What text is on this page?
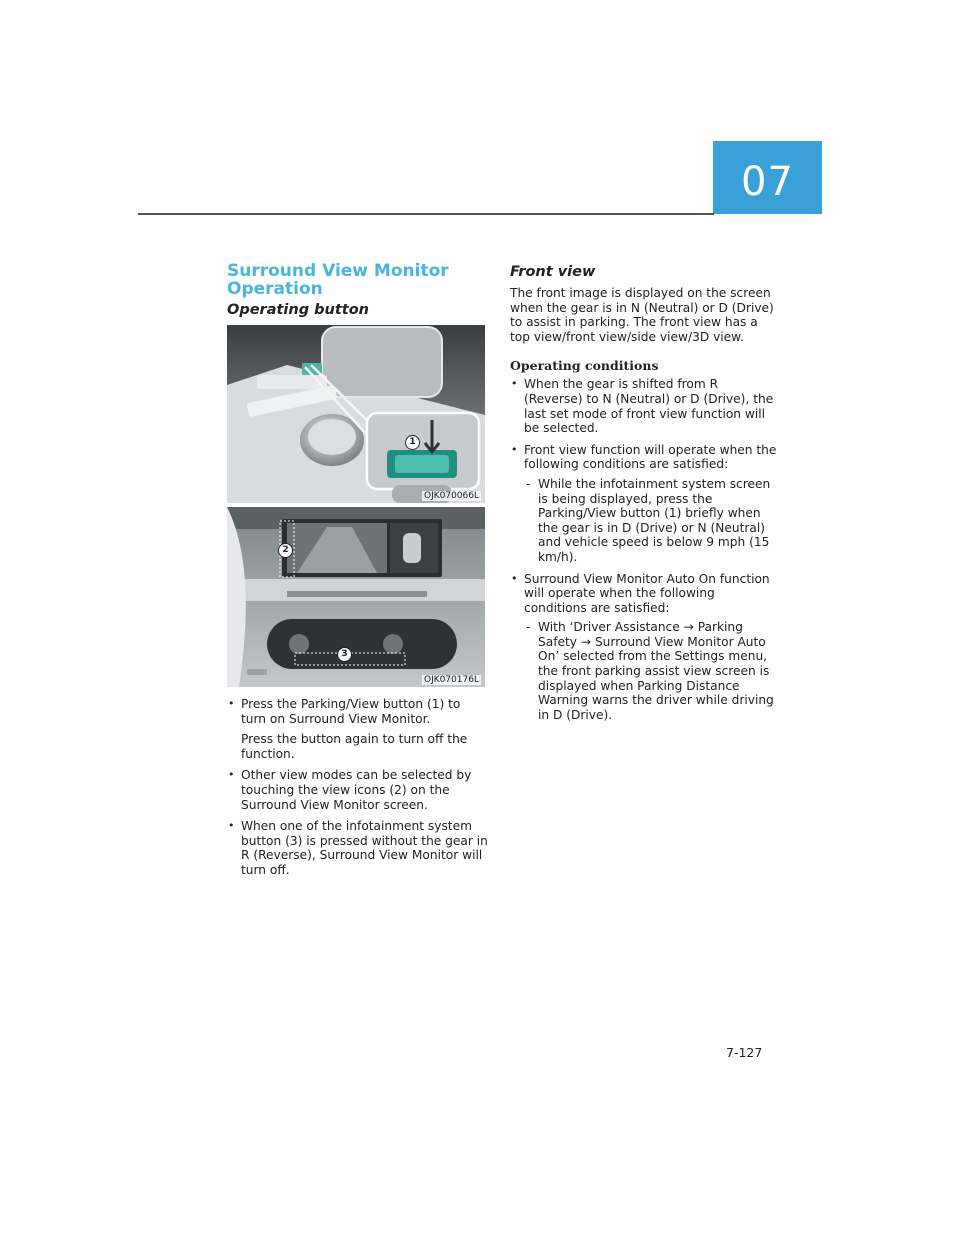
07
Surround View Monitor Operation
Operating button
1
OJK070066L
2
3
OJK070176L
• Press the Parking/View button (1) to turn on Surround View Monitor.
Press the button again to turn off the function.
• Other view modes can be selected by touching the view icons (2) on the Surround View Monitor screen.
• When one of the infotainment system button (3) is pressed without the gear in R (Reverse), Surround View Monitor will turn off.
Front view

The front image is displayed on the screen when the gear is in N (Neutral) or D (Drive) to assist in parking. The front view has a top view/front view/side view/3D view.

Operating conditions
• When the gear is shifted from R (Reverse) to N (Neutral) or D (Drive), the last set mode of front view function will be selected.
• Front view function will operate when the following conditions are satisfied:
- While the infotainment system screen is being displayed, press the Parking/View button (1) briefly when the gear is in D (Drive) or N (Neutral) and vehicle speed is below 9 mph (15 km/h).
• Surround View Monitor Auto On function will operate when the following conditions are satisfied:
- With ‘Driver Assistance → Parking Safety → Surround View Monitor Auto On’ selected from the Settings menu, the front parking assist view screen is displayed when Parking Distance Warning warns the driver while driving in D (Drive).
7-127
